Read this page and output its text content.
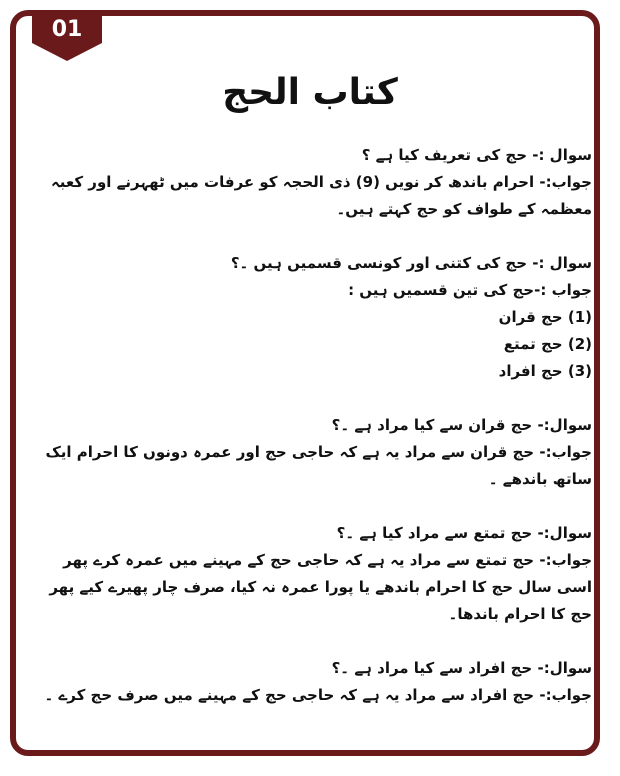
01
کتاب الحج

سوال :- حج کی تعریف کیا ہے ؟

جواب:- احرام باندھ کر نویں (9) ذی الحجہ کو عرفات میں ٹھہرنے اور کعبہ معظمہ کے طواف کو حج کہتے ہیں۔

سوال :- حج کی کتنی اور کونسی قسمیں ہیں ۔؟

جواب :-حج کی تین قسمیں ہیں :

(1) حج قران

(2) حج تمتع

(3) حج افراد

سوال:- حج قران سے کیا مراد ہے ۔؟

جواب:- حج قران سے مراد یہ ہے کہ حاجی حج اور عمرہ دونوں کا احرام ایک ساتھ باندھے ۔

سوال:- حج تمتع سے مراد کیا ہے ۔؟

جواب:- حج تمتع سے مراد یہ ہے کہ حاجی حج کے مہینے میں عمرہ کرے پھر اسی سال حج کا احرام باندھے یا پورا عمرہ نہ کیا، صرف چار پھیرے کیے پھر حج کا احرام باندھا۔

سوال:- حج افراد سے کیا مراد ہے ۔؟

جواب:- حج افراد سے مراد یہ ہے کہ حاجی حج کے مہینے میں صرف حج کرے ۔
